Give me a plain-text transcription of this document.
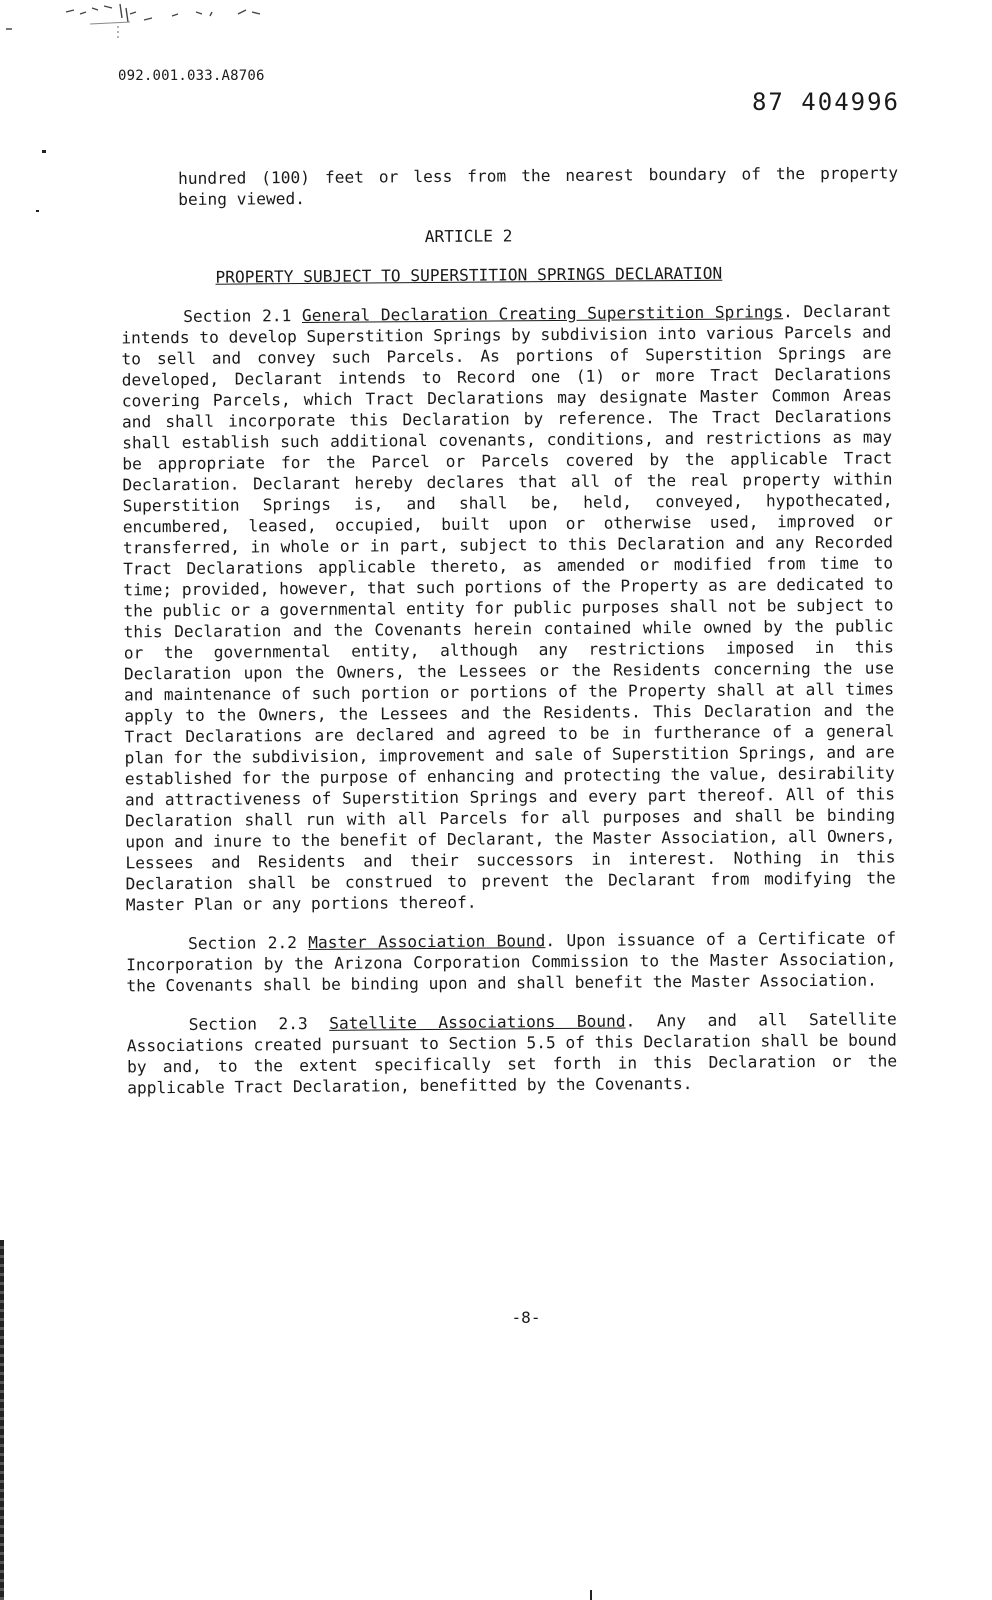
092.001.033.A8706
87 404996

hundred (100) feet or less from the nearest boundary of the property being viewed.

ARTICLE 2

PROPERTY SUBJECT TO SUPERSTITION SPRINGS DECLARATION

Section 2.1 General Declaration Creating Superstition Springs. Declarant intends to develop Superstition Springs by subdivision into various Parcels and to sell and convey such Parcels. As portions of Superstition Springs are developed, Declarant intends to Record one (1) or more Tract Declarations covering Parcels, which Tract Declarations may designate Master Common Areas and shall incorporate this Declaration by reference. The Tract Declarations shall establish such additional covenants, conditions, and restrictions as may be appropriate for the Parcel or Parcels covered by the applicable Tract Declaration. Declarant hereby declares that all of the real property within Superstition Springs is, and shall be, held, conveyed, hypothecated, encumbered, leased, occupied, built upon or otherwise used, improved or transferred, in whole or in part, subject to this Declaration and any Recorded Tract Declarations applicable thereto, as amended or modified from time to time; provided, however, that such portions of the Property as are dedicated to the public or a governmental entity for public purposes shall not be subject to this Declaration and the Covenants herein contained while owned by the public or the governmental entity, although any restrictions imposed in this Declaration upon the Owners, the Lessees or the Residents concerning the use and maintenance of such portion or portions of the Property shall at all times apply to the Owners, the Lessees and the Residents. This Declaration and the Tract Declarations are declared and agreed to be in furtherance of a general plan for the subdivision, improvement and sale of Superstition Springs, and are established for the purpose of enhancing and protecting the value, desirability and attractiveness of Superstition Springs and every part thereof. All of this Declaration shall run with all Parcels for all purposes and shall be binding upon and inure to the benefit of Declarant, the Master Association, all Owners, Lessees and Residents and their successors in interest. Nothing in this Declaration shall be construed to prevent the Declarant from modifying the Master Plan or any portions thereof.

Section 2.2 Master Association Bound. Upon issuance of a Certificate of Incorporation by the Arizona Corporation Commission to the Master Association, the Covenants shall be binding upon and shall benefit the Master Association.

Section 2.3 Satellite Associations Bound. Any and all Satellite Associations created pursuant to Section 5.5 of this Declaration shall be bound by and, to the extent specifically set forth in this Declaration or the applicable Tract Declaration, benefitted by the Covenants.

-8-
